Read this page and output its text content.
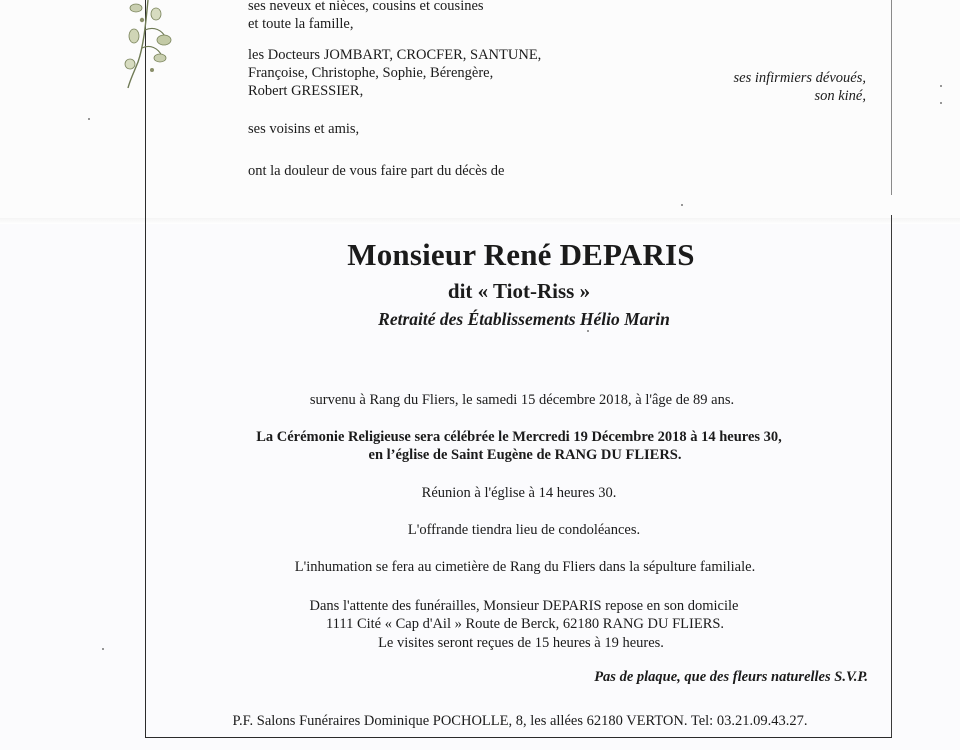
ses neveux et nièces, cousins et cousines
et toute la famille,
les Docteurs JOMBART, CROCFER, SANTUNE,
Françoise, Christophe, Sophie, Bérengère,
Robert GRESSIER,
ses infirmiers dévoués,
son kiné,
ses voisins et amis,
ont la douleur de vous faire part du décès de
Monsieur René DEPARIS
dit « Tiot-Riss »
Retraité des Établissements Hélio Marin
survenu à Rang du Fliers, le samedi 15 décembre 2018, à l'âge de 89 ans.
La Cérémonie Religieuse sera célébrée le Mercredi 19 Décembre 2018 à 14 heures 30,
en l’église de Saint Eugène de RANG DU FLIERS.
Réunion à l'église à 14 heures 30.
L'offrande tiendra lieu de condoléances.
L'inhumation se fera au cimetière de Rang du Fliers dans la sépulture familiale.
Dans l'attente des funérailles, Monsieur DEPARIS repose en son domicile
1111 Cité « Cap d'Ail » Route de Berck, 62180 RANG DU FLIERS.
Le visites seront reçues de 15 heures à 19 heures.
Pas de plaque, que des fleurs naturelles S.V.P.
P.F. Salons Funéraires Dominique POCHOLLE, 8, les allées 62180 VERTON. Tel: 03.21.09.43.27.
